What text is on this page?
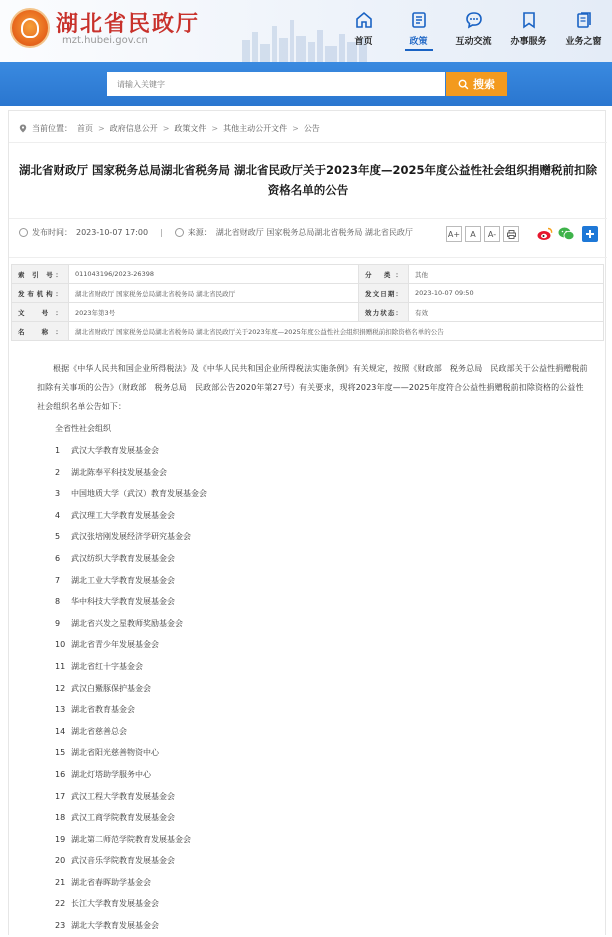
湖北省民政厅
mzt.hubei.gov.cn	首页	政策	互动交流	办事服务	业务之窗
请输入关键字
搜索
当前位置： 首页 > 政府信息公开 > 政策文件 > 其他主动公开文件 > 公告
湖北省财政厅 国家税务总局湖北省税务局 湖北省民政厅关于2023年度—2025年度公益性社会组织捐赠税前扣除资格名单的公告
发布时间： 2023-10-07 17:00 |	来源： 湖北省财政厅 国家税务总局湖北省税务局 湖北省民政厅	A+	A	A-
索 引 号：	011043196/2023-26398	分 类：	其他
发布机构：	湖北省财政厅 国家税务总局湖北省税务局 湖北省民政厅	发文日期：	2023-10-07 09:50
文 号：	2023年第3号	效力状态：	有效
名 称：	湖北省财政厅 国家税务总局湖北省税务局 湖北省民政厅关于2023年度—2025年度公益性社会组织捐赠税前扣除资格名单的公告		

根据《中华人民共和国企业所得税法》及《中华人民共和国企业所得税法实施条例》有关规定，按照《财政部　税务总局　民政部关于公益性捐赠税前扣除有关事项的公告》（财政部　税务总局　民政部公告2020年第27号）有关要求，现将2023年度——2025年度符合公益性捐赠税前扣除资格的公益性社会组织名单公告如下：

全省性社会组织

1	武汉大学教育发展基金会
2	湖北陈奉平科技发展基金会
3	中国地质大学（武汉）教育发展基金会
4	武汉理工大学教育发展基金会
5	武汉张培刚发展经济学研究基金会
6	武汉纺织大学教育发展基金会
7	湖北工业大学教育发展基金会
8	华中科技大学教育发展基金会
9	湖北省兴发之星教师奖励基金会
10 湖北省青少年发展基金会
11 湖北省红十字基金会
12 武汉白鱀豚保护基金会
13 湖北省教育基金会
14 湖北省慈善总会
15 湖北省阳光慈善物资中心
16 湖北灯塔助学服务中心
17 武汉工程大学教育发展基金会
18 武汉工商学院教育发展基金会
19 湖北第二师范学院教育发展基金会
20 武汉音乐学院教育发展基金会
21 湖北省春晖助学基金会
22 长江大学教育发展基金会
23 湖北大学教育发展基金会
